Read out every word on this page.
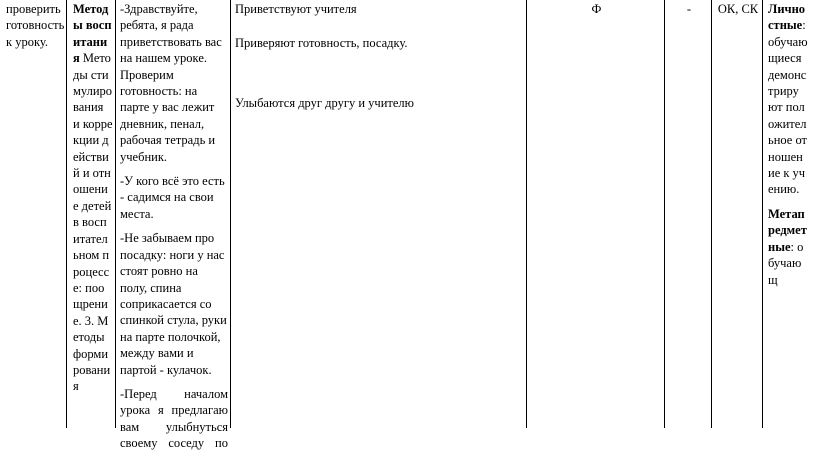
проверить готовность к уроку.
Методы воспитания Методы стимулирования и коррекции действий и отношение детей в воспитательном процессе: поощрение. 3. Методы формирования

-Здравствуйте, ребята, я рада приветствовать вас на нашем уроке. Проверим готовность: на парте у вас лежит дневник, пенал, рабочая тетрадь и учебник.

-У кого всё это есть - садимся на свои места.

-Не забываем про посадку: ноги у нас стоят ровно на полу, спина соприкасается со спинкой стула, руки на парте полочкой, между вами и партой - кулачок.

-Перед началом урока я предлагаю вам улыбнуться своему соседу по

Приветствуют учителя
Приверяют готовность, посадку.
Улыбаются друг другу и учителю
Ф	-	ОК, СК Личностные: обучающиеся демонстрируют положительное отношение к учению.
Метапредметные: обучающ
